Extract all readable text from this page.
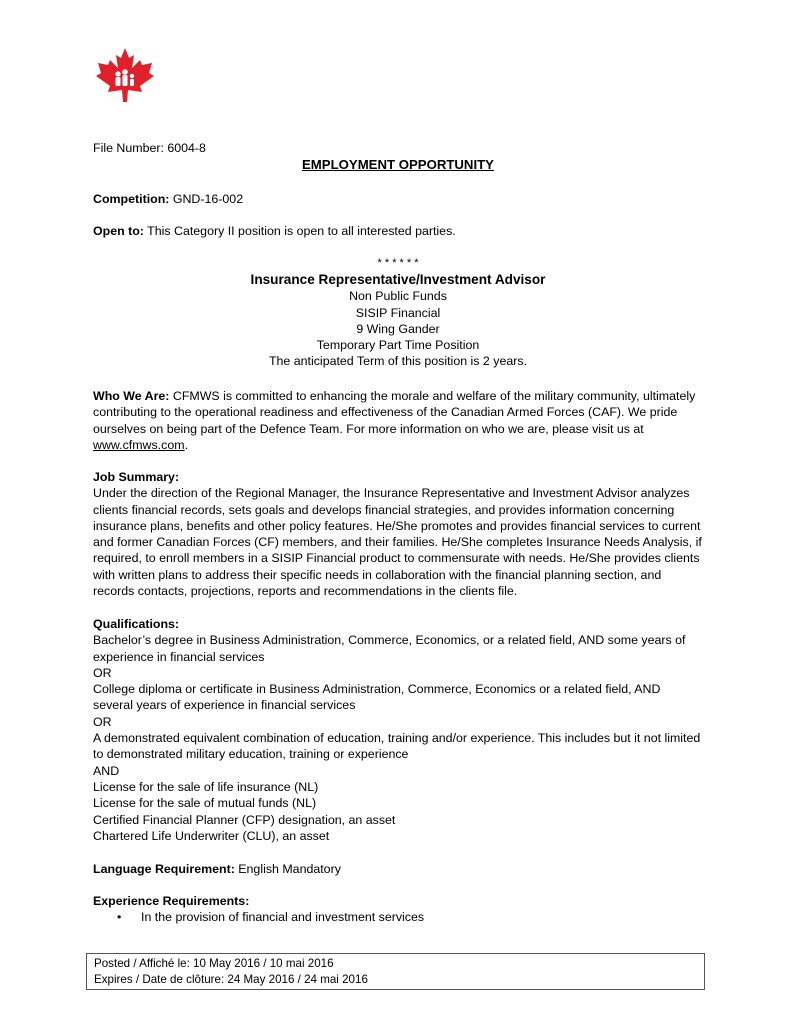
File Number: 6004-8
EMPLOYMENT OPPORTUNITY
Competition: GND-16-002
Open to: This Category II position is open to all interested parties.
* * * * * *
Insurance Representative/Investment Advisor
Non Public Funds
SISIP Financial
9 Wing Gander
Temporary Part Time Position
The anticipated Term of this position is 2 years.
Who We Are: CFMWS is committed to enhancing the morale and welfare of the military community, ultimately contributing to the operational readiness and effectiveness of the Canadian Armed Forces (CAF). We pride ourselves on being part of the Defence Team. For more information on who we are, please visit us at www.cfmws.com.
Job Summary:
Under the direction of the Regional Manager, the Insurance Representative and Investment Advisor analyzes clients financial records, sets goals and develops financial strategies, and provides information concerning insurance plans, benefits and other policy features. He/She promotes and provides financial services to current and former Canadian Forces (CF) members, and their families. He/She completes Insurance Needs Analysis, if required, to enroll members in a SISIP Financial product to commensurate with needs. He/She provides clients with written plans to address their specific needs in collaboration with the financial planning section, and records contacts, projections, reports and recommendations in the clients file.
Qualifications:
Bachelor’s degree in Business Administration, Commerce, Economics, or a related field, AND some years of experience in financial services
OR
College diploma or certificate in Business Administration, Commerce, Economics or a related field, AND several years of experience in financial services
OR
A demonstrated equivalent combination of education, training and/or experience. This includes but it not limited to demonstrated military education, training or experience
AND
License for the sale of life insurance (NL)
License for the sale of mutual funds (NL)
Certified Financial Planner (CFP) designation, an asset
Chartered Life Underwriter (CLU), an asset
Language Requirement: English Mandatory
Experience Requirements:
• In the provision of financial and investment services
Posted / Affiché le: 10 May 2016 / 10 mai 2016
Expires / Date de clôture: 24 May 2016 / 24 mai 2016
